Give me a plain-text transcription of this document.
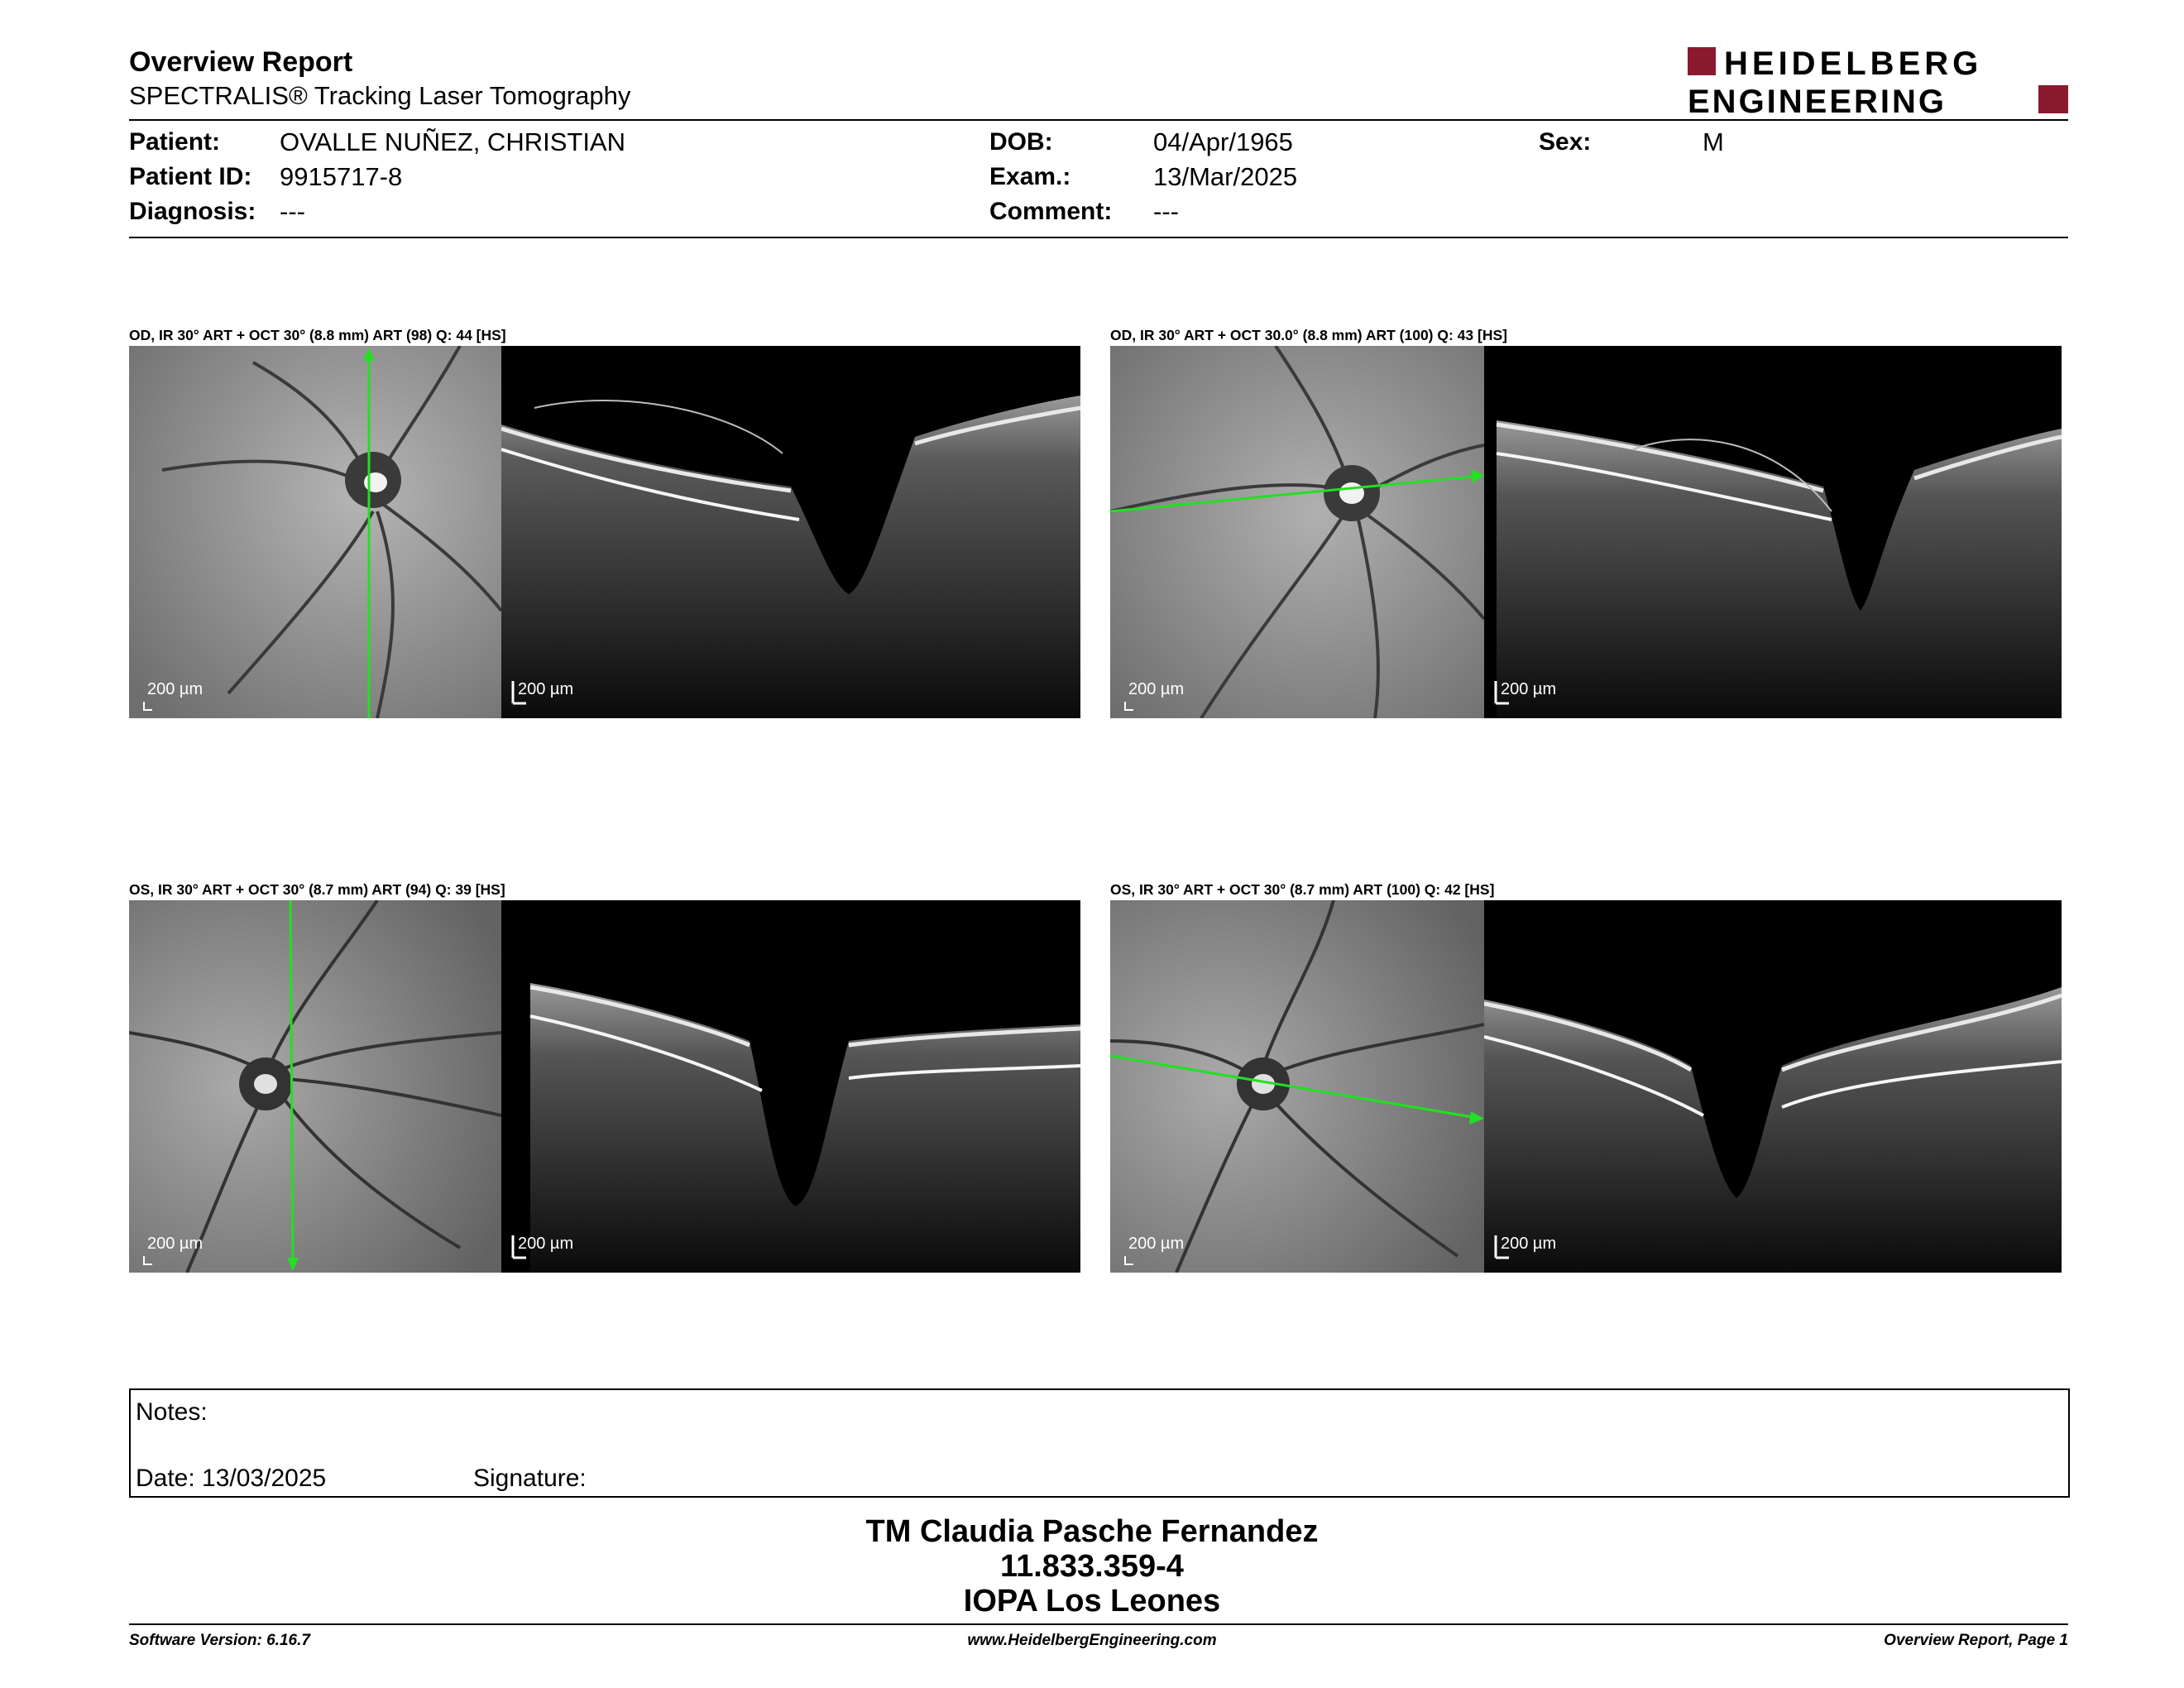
Overview Report
SPECTRALIS® Tracking Laser Tomography
HEIDELBERG
ENGINEERING
Patient: OVALLE NUÑEZ, CHRISTIAN	DOB:	04/Apr/1965	Sex:	M
Patient ID: 9915717-8	Exam.:	13/Mar/2025
Diagnosis: ---	Comment: ---
OD, IR 30° ART + OCT 30° (8.8 mm) ART (98) Q: 44 [HS]
200 µm	200 µm
OD, IR 30° ART + OCT 30.0° (8.8 mm) ART (100) Q: 43 [HS]
200 µm	200 µm
OS, IR 30° ART + OCT 30° (8.7 mm) ART (94) Q: 39 [HS]
200 µm	200 µm
OS, IR 30° ART + OCT 30° (8.7 mm) ART (100) Q: 42 [HS]
200 µm	200 µm
Notes:
Date: 13/03/2025	Signature:
TM Claudia Pasche Fernandez
11.833.359-4
IOPA Los Leones
Software Version: 6.16.7	www.HeidelbergEngineering.com	Overview Report, Page 1
